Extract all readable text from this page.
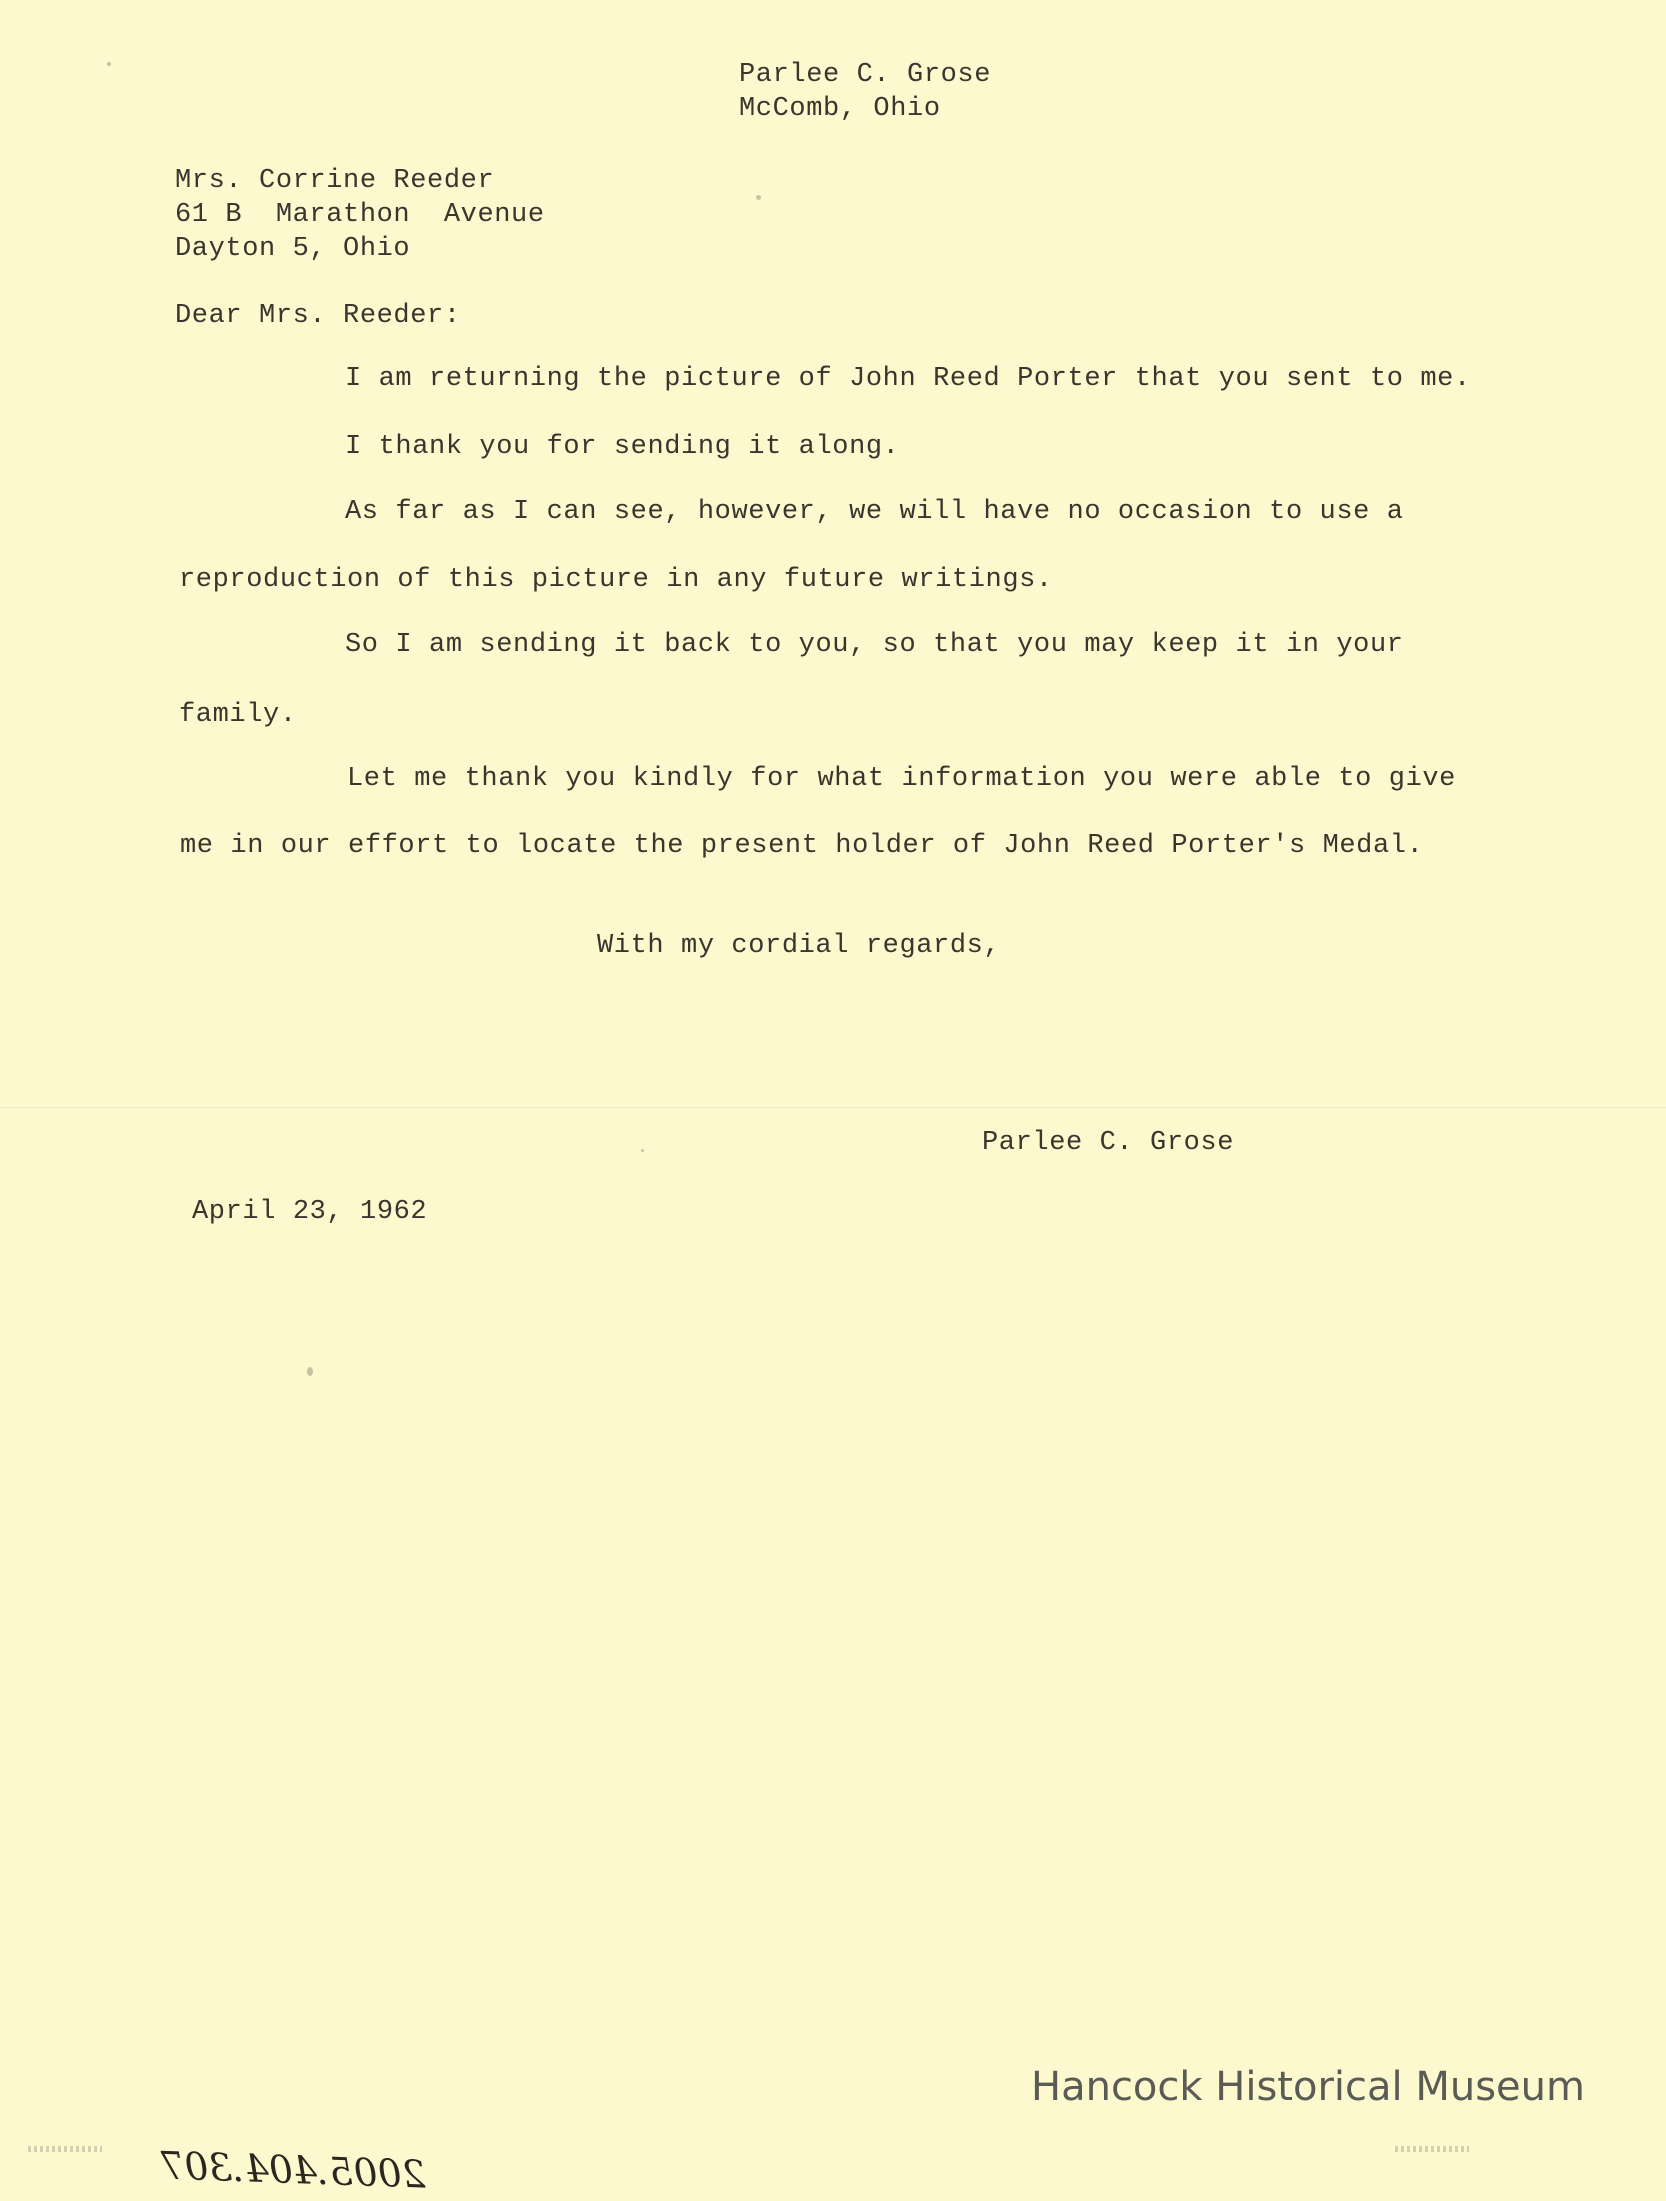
Parlee C. Grose
McComb, Ohio
Mrs. Corrine Reeder
61 B  Marathon  Avenue
Dayton 5, Ohio
Dear Mrs. Reeder:
I am returning the picture of John Reed Porter that you sent to me.
I thank you for sending it along.
As far as I can see, however, we will have no occasion to use a
reproduction of this picture in any future writings.
So I am sending it back to you, so that you may keep it in your
family.
Let me thank you kindly for what information you were able to give
me in our effort to locate the present holder of John Reed Porter's Medal.
With my cordial regards,
Parlee C. Grose
April 23, 1962
Hancock Historical Museum
2005.404.307
